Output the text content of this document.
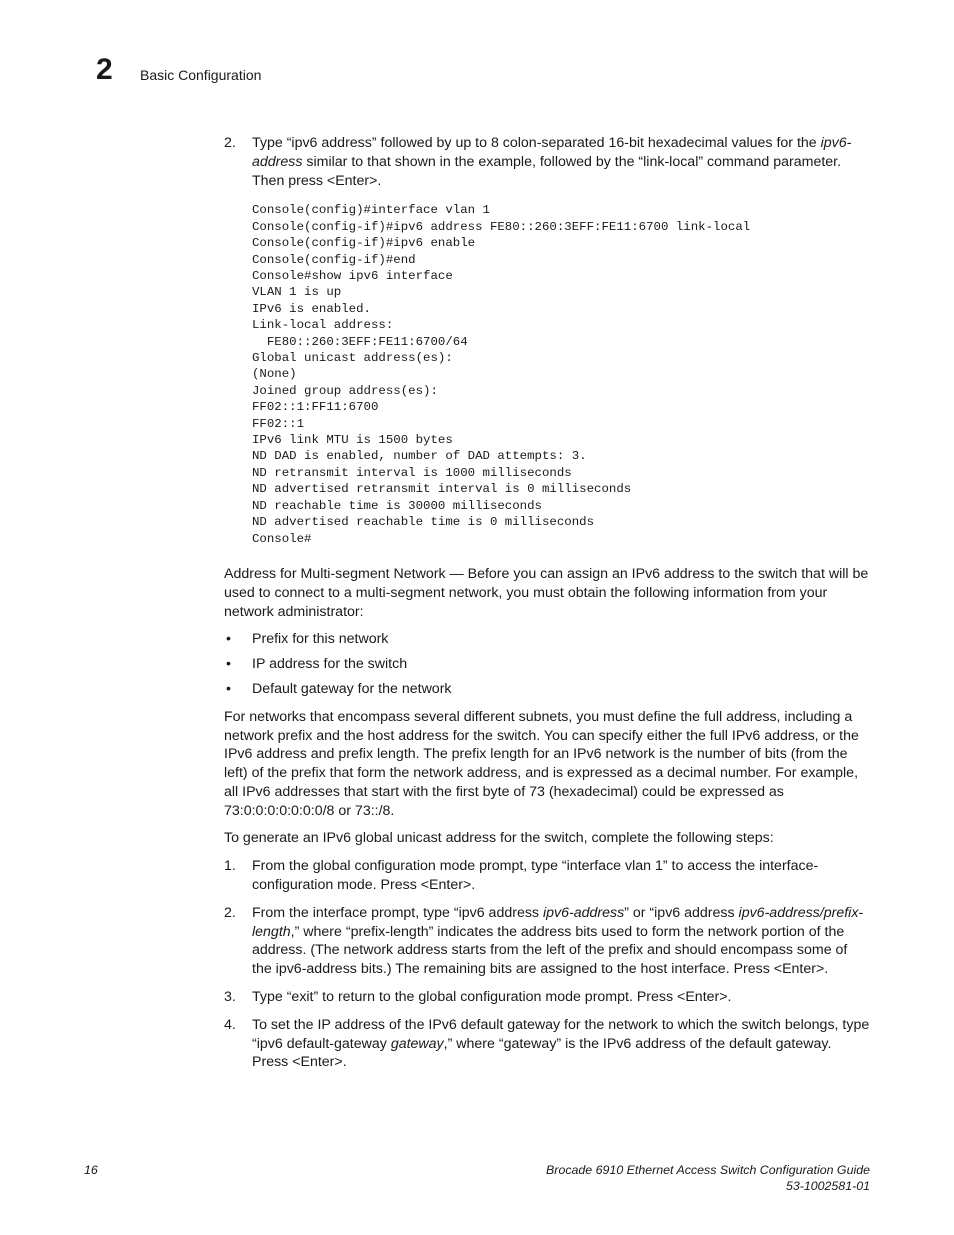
2 Basic Configuration
2. Type “ipv6 address” followed by up to 8 colon-separated 16-bit hexadecimal values for the ipv6-address similar to that shown in the example, followed by the “link-local” command parameter. Then press <Enter>.
Console(config)#interface vlan 1
Console(config-if)#ipv6 address FE80::260:3EFF:FE11:6700 link-local
Console(config-if)#ipv6 enable
Console(config-if)#end
Console#show ipv6 interface
VLAN 1 is up
IPv6 is enabled.
Link-local address:
FE80::260:3EFF:FE11:6700/64
Global unicast address(es):
(None)
Joined group address(es):
FF02::1:FF11:6700
FF02::1
IPv6 link MTU is 1500 bytes
ND DAD is enabled, number of DAD attempts: 3.
ND retransmit interval is 1000 milliseconds
ND advertised retransmit interval is 0 milliseconds
ND reachable time is 30000 milliseconds
ND advertised reachable time is 0 milliseconds
Console#
Address for Multi-segment Network — Before you can assign an IPv6 address to the switch that will be used to connect to a multi-segment network, you must obtain the following information from your network administrator:
• Prefix for this network
• IP address for the switch
• Default gateway for the network
For networks that encompass several different subnets, you must define the full address, including a network prefix and the host address for the switch. You can specify either the full IPv6 address, or the IPv6 address and prefix length. The prefix length for an IPv6 network is the number of bits (from the left) of the prefix that form the network address, and is expressed as a decimal number. For example, all IPv6 addresses that start with the first byte of 73 (hexadecimal) could be expressed as 73:0:0:0:0:0:0:0/8 or 73::/8.
To generate an IPv6 global unicast address for the switch, complete the following steps:
1. From the global configuration mode prompt, type “interface vlan 1” to access the interface-configuration mode. Press <Enter>.
2. From the interface prompt, type “ipv6 address ipv6-address” or “ipv6 address ipv6-address/prefix-length,” where “prefix-length” indicates the address bits used to form the network portion of the address. (The network address starts from the left of the prefix and should encompass some of the ipv6-address bits.) The remaining bits are assigned to the host interface. Press <Enter>.
3. Type “exit” to return to the global configuration mode prompt. Press <Enter>.
4. To set the IP address of the IPv6 default gateway for the network to which the switch belongs, type “ipv6 default-gateway gateway,” where “gateway” is the IPv6 address of the default gateway. Press <Enter>.
16	Brocade 6910 Ethernet Access Switch Configuration Guide
53-1002581-01
